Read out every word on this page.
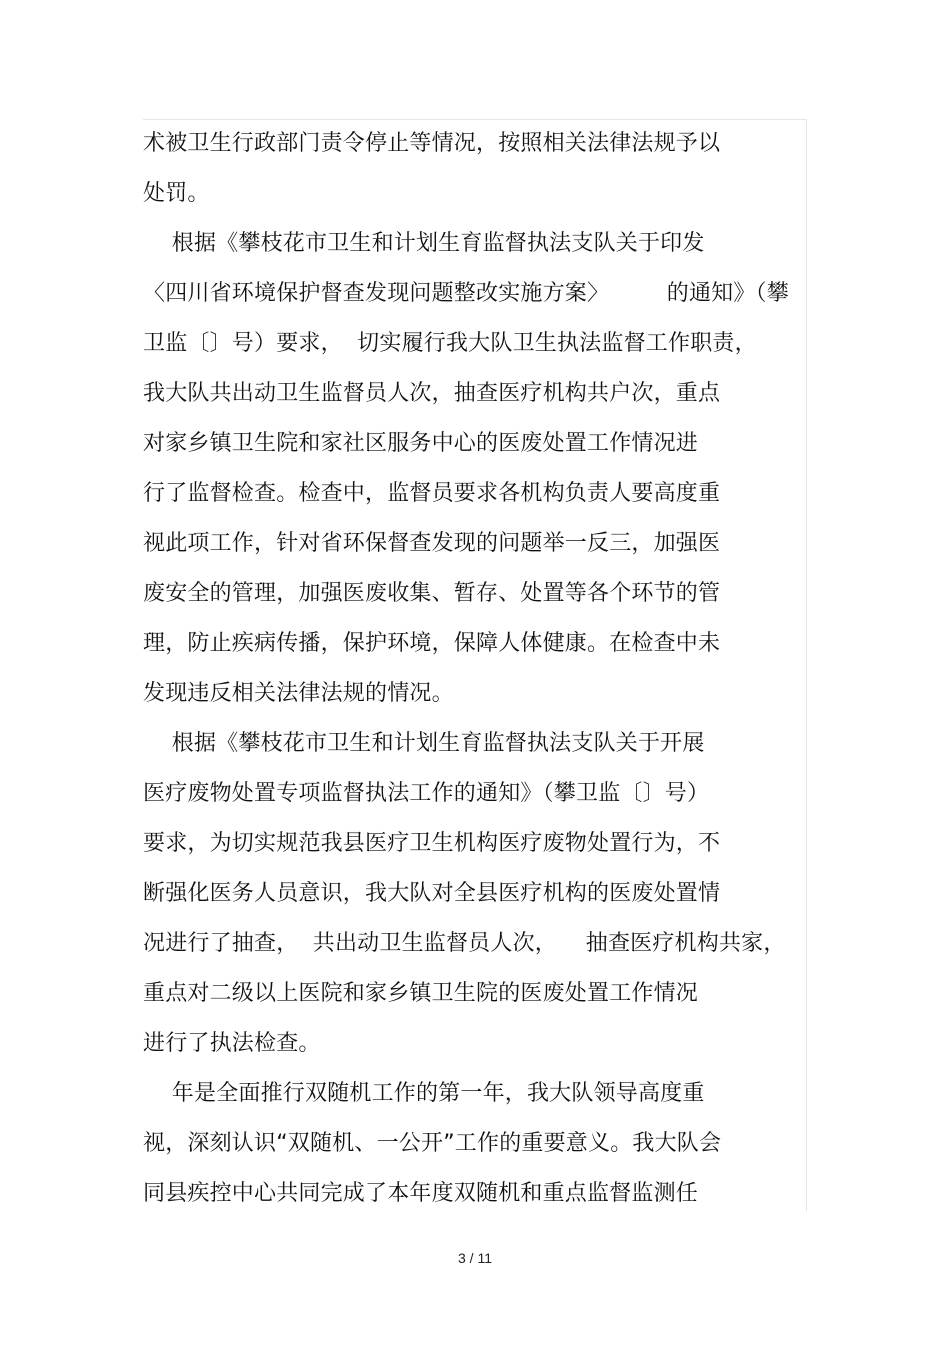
术被卫生行政部门责令停止等情况，按照相关法律法规予以
处罚。
根据《攀枝花市卫生和计划生育监督执法支队关于印发
〈四川省环境保护督查发现问题整改实施方案〉        的通知》（攀
卫监〔〕号）要求，  切实履行我大队卫生执法监督工作职责，
我大队共出动卫生监督员人次，抽查医疗机构共户次，重点
对家乡镇卫生院和家社区服务中心的医废处置工作情况进
行了监督检查。检查中，监督员要求各机构负责人要高度重
视此项工作，针对省环保督查发现的问题举一反三，加强医
废安全的管理，加强医废收集、暂存、处置等各个环节的管
理，防止疾病传播，保护环境，保障人体健康。在检查中未
发现违反相关法律法规的情况。
根据《攀枝花市卫生和计划生育监督执法支队关于开展
医疗废物处置专项监督执法工作的通知》（攀卫监〔〕号）
要求，为切实规范我县医疗卫生机构医疗废物处置行为，不
断强化医务人员意识，我大队对全县医疗机构的医废处置情
况进行了抽查，  共出动卫生监督员人次，    抽查医疗机构共家，
重点对二级以上医院和家乡镇卫生院的医废处置工作情况
进行了执法检查。
年是全面推行双随机工作的第一年，我大队领导高度重
视，深刻认识“双随机、一公开”工作的重要意义。我大队会
同县疾控中心共同完成了本年度双随机和重点监督监测任
3 / 11
